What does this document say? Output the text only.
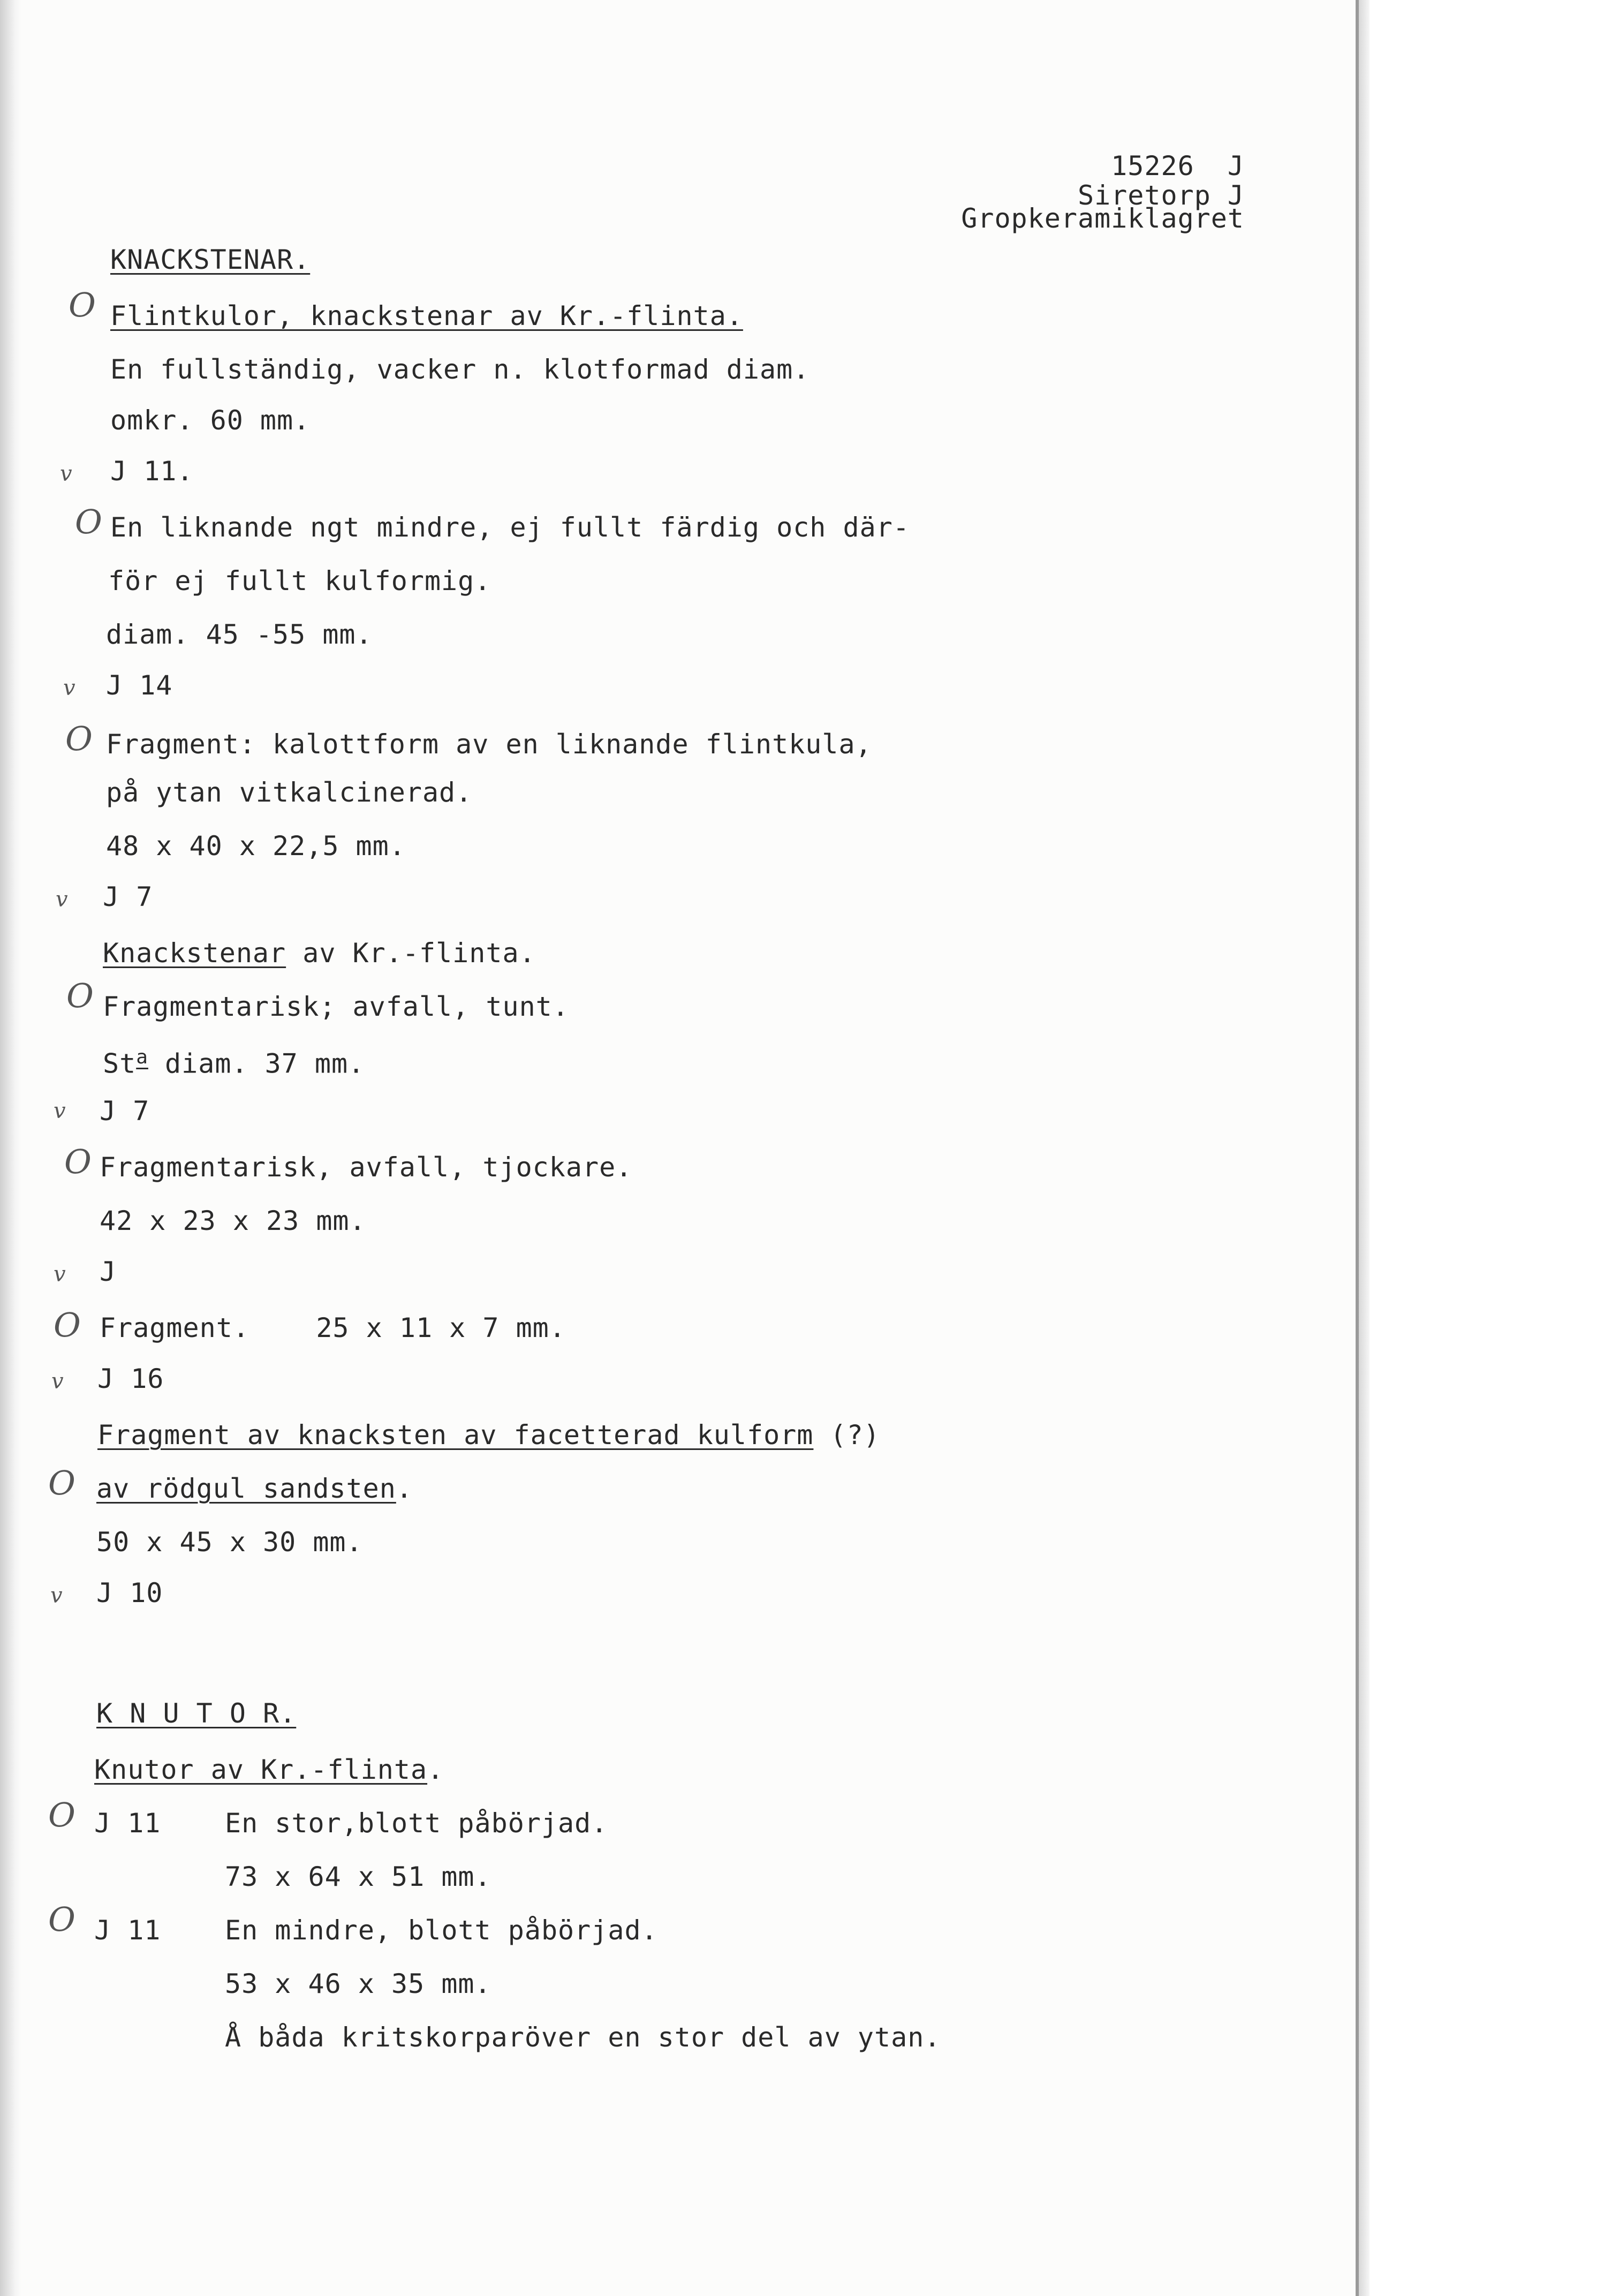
15226  J
Siretorp J
Gropkeramiklagret
KNACKSTENAR.
O Flintkulor, knackstenar av Kr.-flinta.
En fullständig, vacker n. klotformad diam.
omkr. 60 mm.
v J 11.
O En liknande ngt mindre, ej fullt färdig och där-
för ej fullt kulformig.
diam. 45 -55 mm.
v J 14
O Fragment: kalottform av en liknande flintkula,
på ytan vitkalcinerad.
48 x 40 x 22,5 mm.
v J 7
Knackstenar av Kr.-flinta.
O Fragmentarisk; avfall, tunt.
St$^a$ diam. 37 mm.
v J 7
O Fragmentarisk, avfall, tjockare.
42 x 23 x 23 mm.
v J
O Fragment.    25 x 11 x 7 mm.
v J 16
Fragment av knacksten av facetterad kulform (?)
O av rödgul sandsten.
50 x 45 x 30 mm.
v J 10
K N U T O R.
Knutor av Kr.-flinta.
O J 11 En stor,blott påbörjad.
73 x 64 x 51 mm.
O J 11 En mindre, blott påbörjad.
53 x 46 x 35 mm.
Å båda kritskorparöver en stor del av ytan.
